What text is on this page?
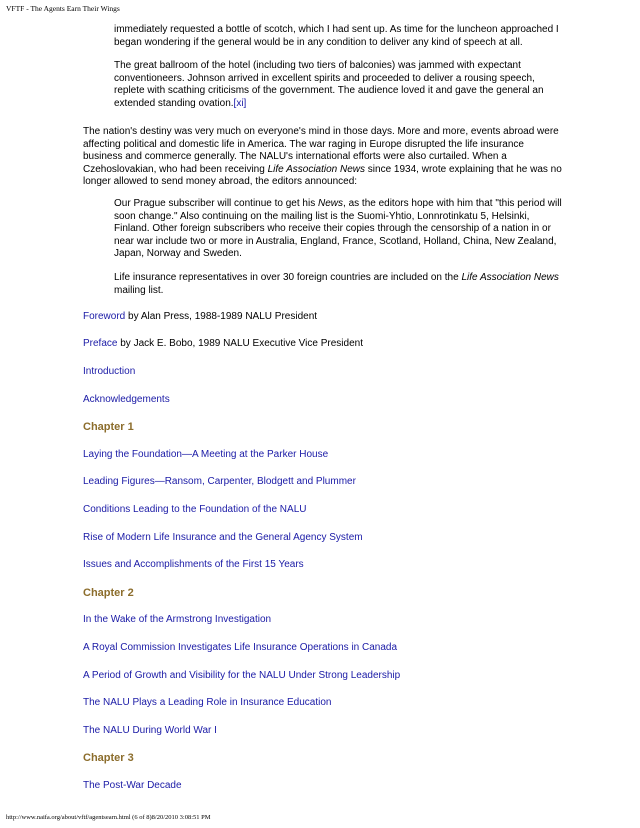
VFTF - The Agents Earn Their Wings

immediately requested a bottle of scotch, which I had sent up. As time for the luncheon approached I began wondering if the general would be in any condition to deliver any kind of speech at all.

The great ballroom of the hotel (including two tiers of balconies) was jammed with expectant conventioneers. Johnson arrived in excellent spirits and proceeded to deliver a rousing speech, replete with scathing criticisms of the government. The audience loved it and gave the general an extended standing ovation.[xi]

The nation's destiny was very much on everyone's mind in those days. More and more, events abroad were affecting political and domestic life in America. The war raging in Europe disrupted the life insurance business and commerce generally. The NALU's international efforts were also curtailed. When a Czehoslovakian, who had been receiving Life Association News since 1934, wrote explaining that he was no longer allowed to send money abroad, the editors announced:

Our Prague subscriber will continue to get his News, as the editors hope with him that "this period will soon change." Also continuing on the mailing list is the Suomi-Yhtio, Lonnrotinkatu 5, Helsinki, Finland. Other foreign subscribers who receive their copies through the censorship of a nation in or near war include two or more in Australia, England, France, Scotland, Holland, China, New Zealand, Japan, Norway and Sweden.

Life insurance representatives in over 30 foreign countries are included on the Life Association News mailing list.

Foreword by Alan Press, 1988-1989 NALU President

Preface by Jack E. Bobo, 1989 NALU Executive Vice President

Introduction

Acknowledgements

Chapter 1

Laying the Foundation—A Meeting at the Parker House

Leading Figures—Ransom, Carpenter, Blodgett and Plummer

Conditions Leading to the Foundation of the NALU

Rise of Modern Life Insurance and the General Agency System

Issues and Accomplishments of the First 15 Years

Chapter 2

In the Wake of the Armstrong Investigation

A Royal Commission Investigates Life Insurance Operations in Canada

A Period of Growth and Visibility for the NALU Under Strong Leadership

The NALU Plays a Leading Role in Insurance Education

The NALU During World War I

Chapter 3

The Post-War Decade

http://www.naifa.org/about/vftf/agentsearn.html (6 of 8)8/20/2010 3:08:51 PM
